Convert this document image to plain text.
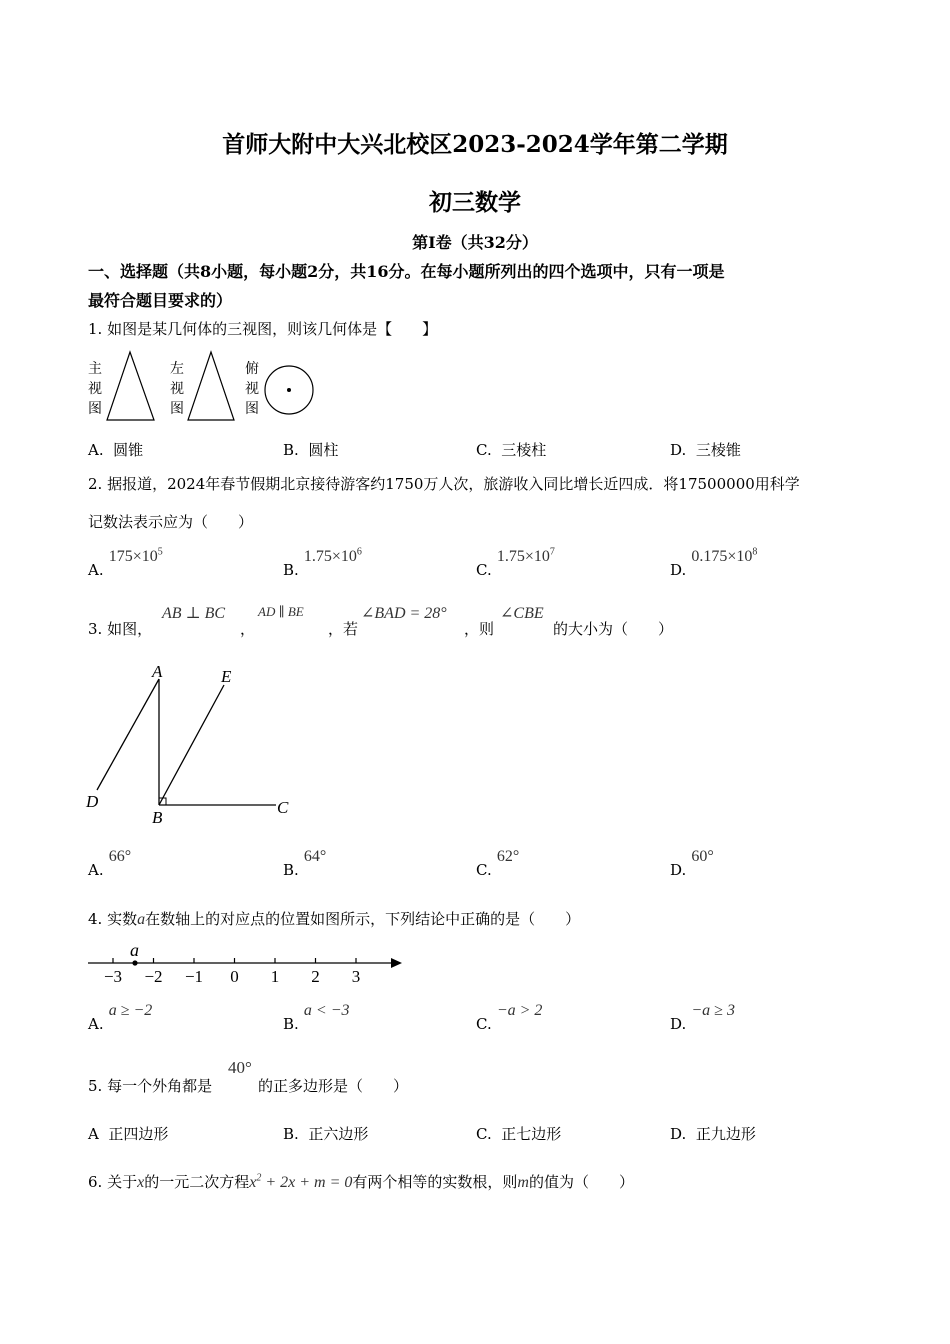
首师大附中大兴北校区2023-2024学年第二学期
初三数学
第Ⅰ卷（共32分）
一、选择题（共8小题，每小题2分，共16分。在每小题所列出的四个选项中，只有一项是
最符合题目要求的）
1. 如图是某几何体的三视图，则该几何体是【　　】
主
视
图
左
视
图
俯
视
图
A. 圆锥	B. 圆柱	C. 三棱柱	D. 三棱锥
2. 据报道，2024年春节假期北京接待游客约1750万人次，旅游收入同比增长近四成．将17500000用科学
记数法表示应为（　　）
A. $175\times 10^5$
B. $1.75\times 10^6$
C. $1.75\times 10^7$
D. $0.175\times 10^8$
3. 如图，
AB ⊥ BC
，
AD ∥ BE
，若
∠BAD = 28°
，则
∠CBE
的大小为（　　）
A	E
D
B
C
A. 66°
B. 64°
C. 62°
D. 60°
4. 实数a在数轴上的对应点的位置如图所示，下列结论中正确的是（　　）
−3 −2 −1 0 1 2 3
a
A. a ≥ −2
B. a < −3
C. −a > 2
D. −a ≥ 3
5. 每一个外角都是
40°
的正多边形是（　　）
A 正四边形	B. 正六边形	C. 正七边形	D. 正九边形
6. 关于x的一元二次方程$x^2 + 2x + m = 0$有两个相等的实数根，则m的值为（　　）
